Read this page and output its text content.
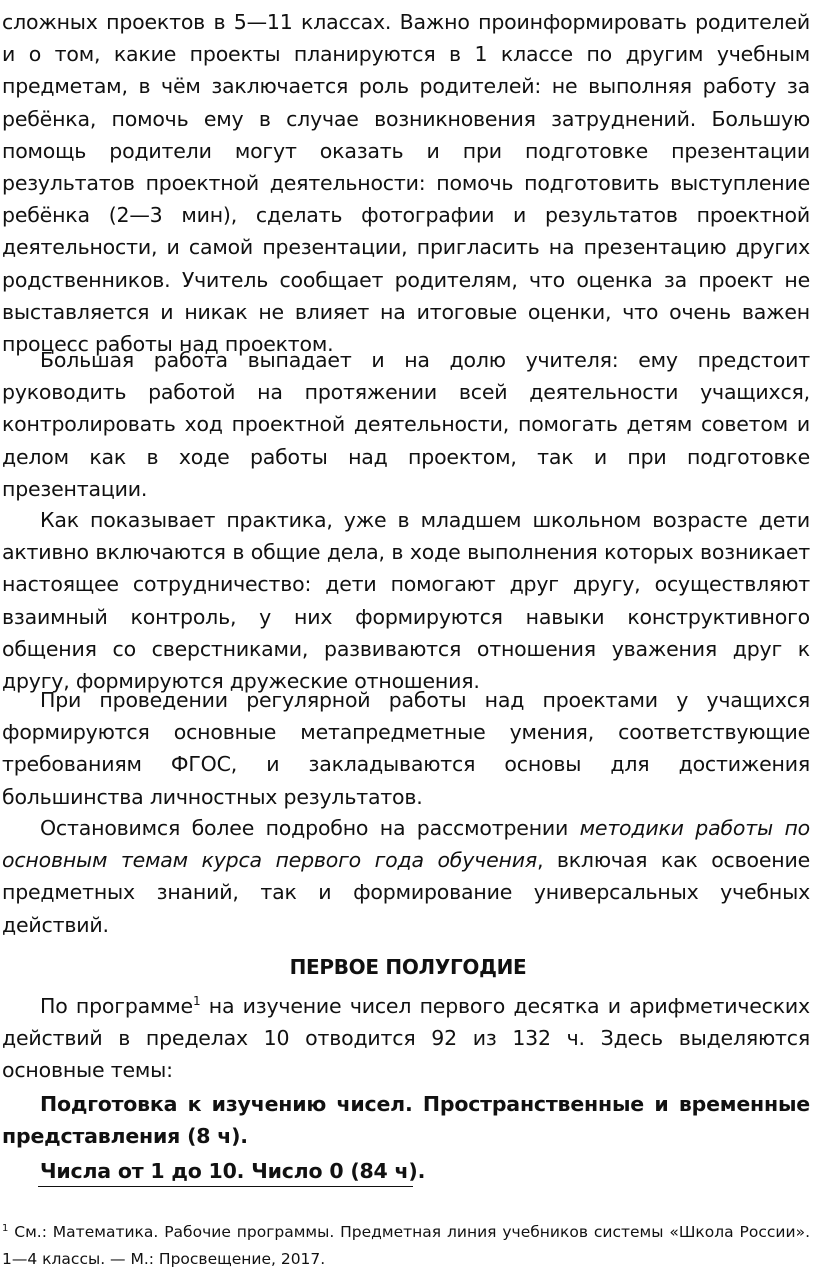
сложных проектов в 5—11 классах. Важно проинформировать родителей и о том, какие проекты планируются в 1 классе по другим учебным предметам, в чём заключается роль родителей: не выполняя работу за ребёнка, помочь ему в случае возникновения затруднений. Большую помощь родители могут оказать и при подготовке презентации результатов проектной деятельности: помочь подготовить выступление ребёнка (2—3 мин), сделать фотографии и результатов проектной деятельности, и самой презентации, пригласить на презентацию других родственников. Учитель сообщает родителям, что оценка за проект не выставляется и никак не влияет на итоговые оценки, что очень важен процесс работы над проектом.

Большая работа выпадает и на долю учителя: ему предстоит руководить работой на протяжении всей деятельности учащихся, контролировать ход проектной деятельности, помогать детям советом и делом как в ходе работы над проектом, так и при подготовке презентации.

Как показывает практика, уже в младшем школьном возрасте дети активно включаются в общие дела, в ходе выполнения которых возникает настоящее сотрудничество: дети помогают друг другу, осуществляют взаимный контроль, у них формируются навыки конструктивного общения со сверстниками, развиваются отношения уважения друг к другу, формируются дружеские отношения.

При проведении регулярной работы над проектами у учащихся формируются основные метапредметные умения, соответствующие требованиям ФГОС, и закладываются основы для достижения большинства личностных результатов.

Остановимся более подробно на рассмотрении методики работы по основным темам курса первого года обучения, включая как освоение предметных знаний, так и формирование универсальных учебных действий.

ПЕРВОЕ ПОЛУГОДИЕ

По программе$^1$ на изучение чисел первого десятка и арифметических действий в пределах 10 отводится 92 из 132 ч. Здесь выделяются основные темы:

Подготовка к изучению чисел. Пространственные и временные представления (8 ч).

Числа от 1 до 10. Число 0 (84 ч).

$^1$ См.: Математика. Рабочие программы. Предметная линия учебников системы «Школа России». 1—4 классы. — М.: Просвещение, 2017.
